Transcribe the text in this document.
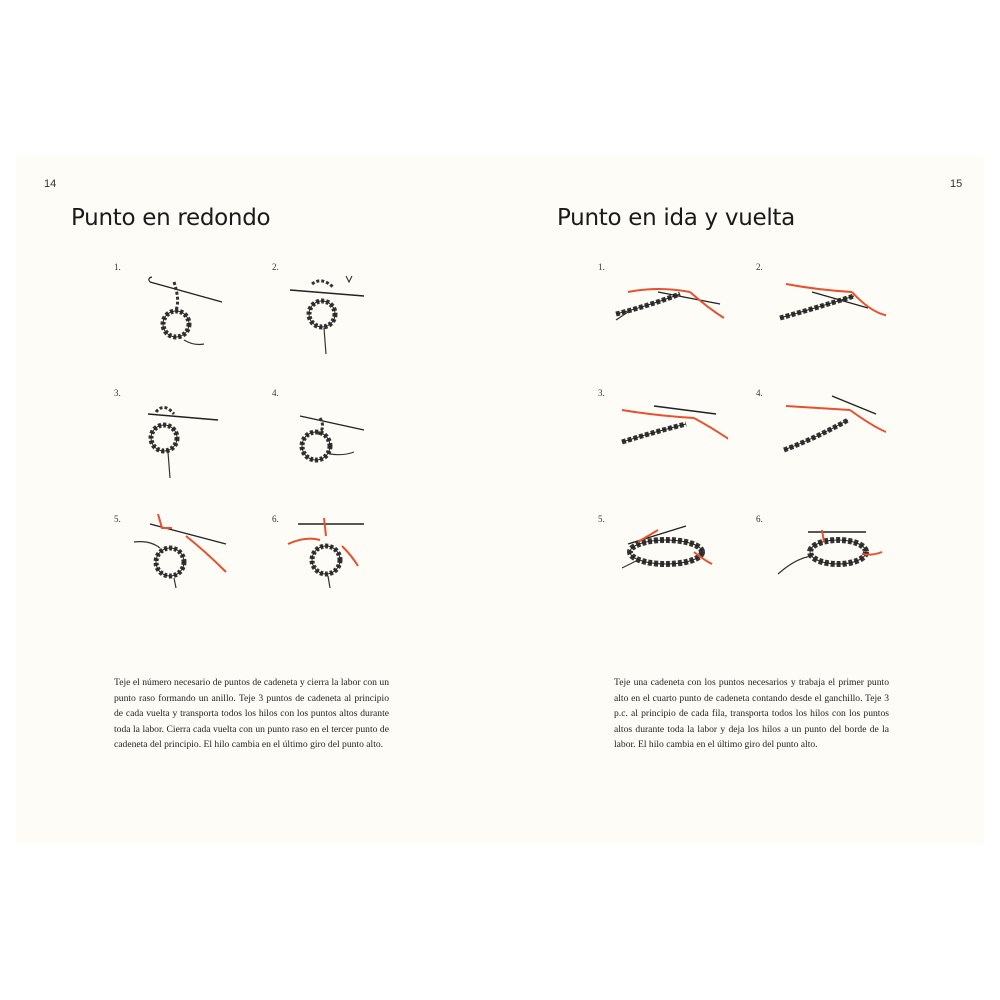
14
Punto en redondo
1.	2.
3.	4.
5.	6.

Teje el número necesario de puntos de cadeneta y cierra la labor con un punto raso formando un anillo. Teje 3 puntos de cadeneta al principio de cada vuelta y transporta todos los hilos con los puntos altos durante toda la labor. Cierra cada vuelta con un punto raso en el tercer punto de cadeneta del principio. El hilo cambia en el último giro del punto alto.

15
Punto en ida y vuelta
1.	2.
3.	4.
5.	6.

Teje una cadeneta con los puntos necesarios y trabaja el primer punto alto en el cuarto punto de cadeneta contando desde el ganchillo. Teje 3 p.c. al principio de cada fila, transporta todos los hilos con los puntos altos durante toda la labor y deja los hilos a un punto del borde de la labor. El hilo cambia en el último giro del punto alto.
